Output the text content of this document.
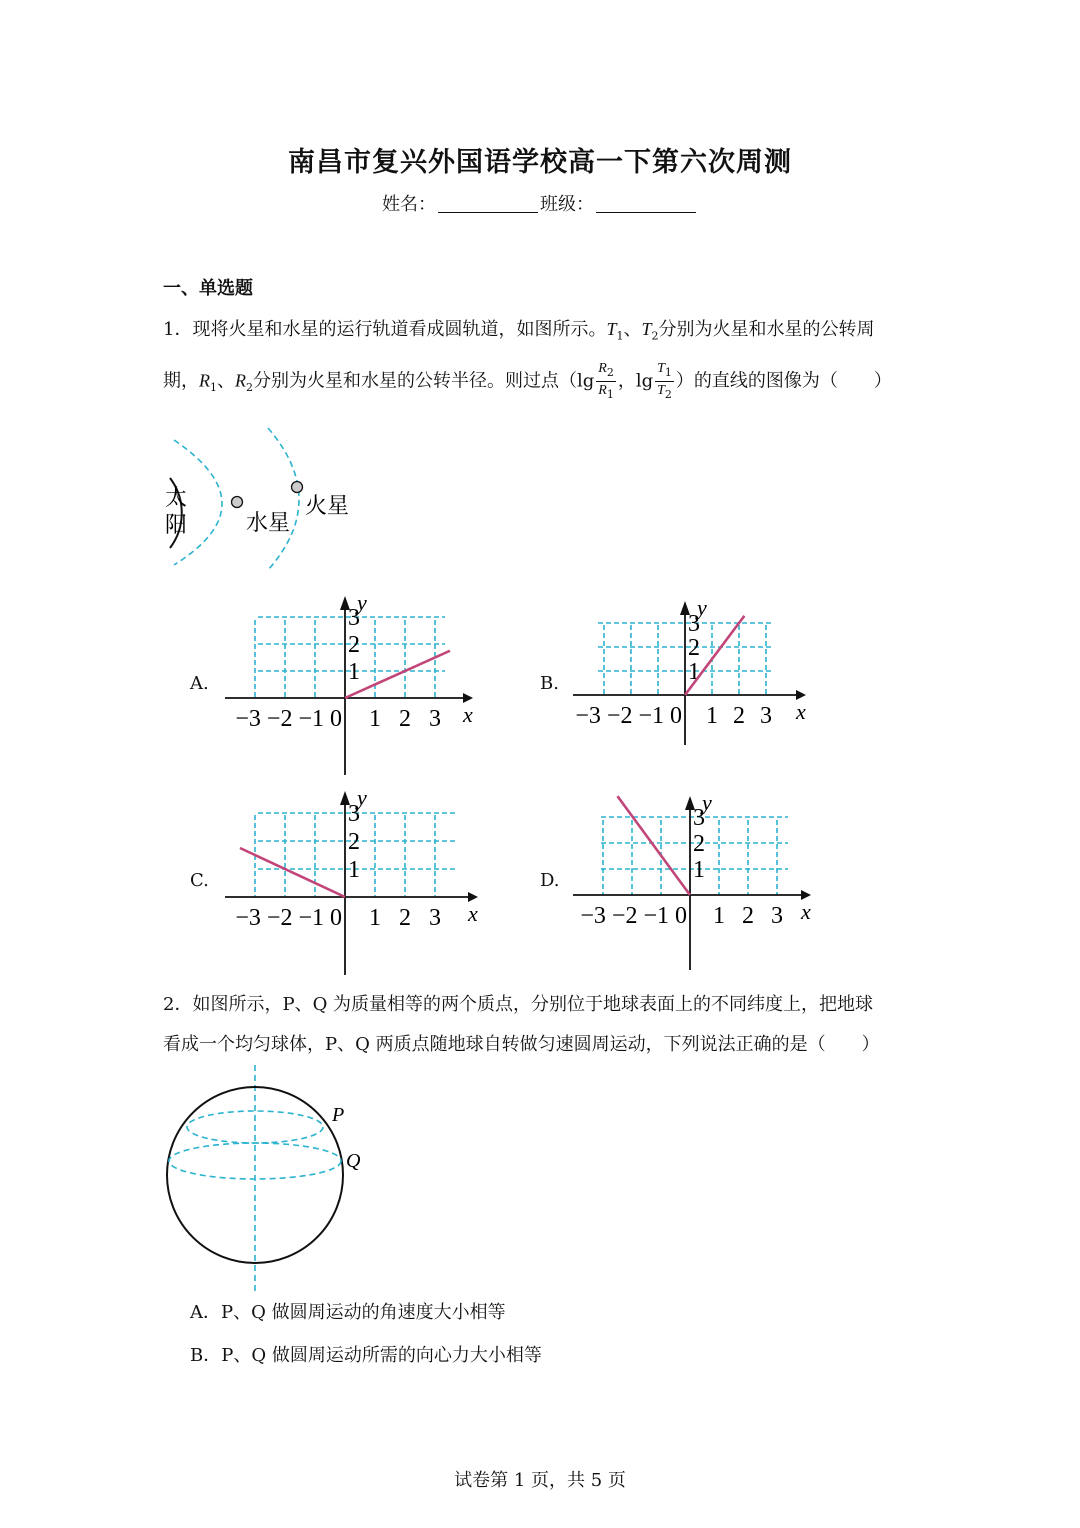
南昌市复兴外国语学校高一下第六次周测
姓名：	班级：
一、单选题
1．现将火星和水星的运行轨道看成圆轨道，如图所示。$T_1$、$T_2$分别为火星和水星的公转周
期，$R_1$、$R_2$分别为火星和水星的公转半径。则过点（$\lg \frac{R_2}{R_1}$ ，$\lg \frac{T_1}{T_2}$ ）的直线的图像为（　　）
太
阳	水星
火星
A.	B.
C.	D.
x
y
−3 −2 −1 0 1 2 3
1
2
3
x
y
−3 −2 −1 0 1 2 3
1
2
3
x
y
−3 −2 −1 0 1 2 3
1
2
3
x
y
−3 −2 −1 0 1 2 3
1
2
3
2．如图所示，P、Q 为质量相等的两个质点，分别位于地球表面上的不同纬度上，把地球
看成一个均匀球体，P、Q 两质点随地球自转做匀速圆周运动，下列说法正确的是（　　）
P
Q
A．P、Q 做圆周运动的角速度大小相等
B．P、Q 做圆周运动所需的向心力大小相等
试卷第 1 页，共 5 页
